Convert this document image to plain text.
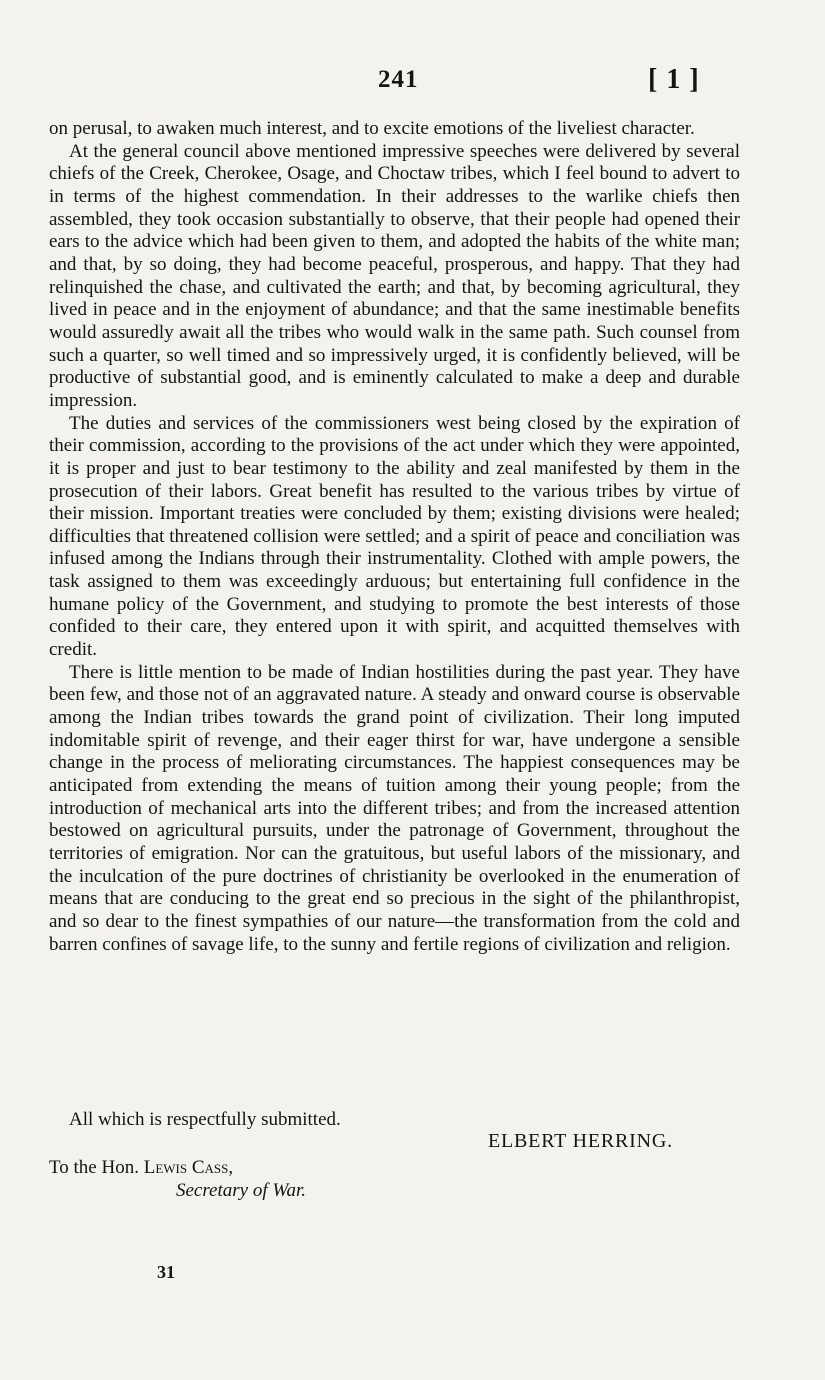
241	[ 1 ]

on perusal, to awaken much interest, and to excite emotions of the liveliest character.

At the general council above mentioned impressive speeches were delivered by several chiefs of the Creek, Cherokee, Osage, and Choctaw tribes, which I feel bound to advert to in terms of the highest commendation. In their addresses to the warlike chiefs then assembled, they took occasion substantially to observe, that their people had opened their ears to the advice which had been given to them, and adopted the habits of the white man; and that, by so doing, they had become peaceful, prosperous, and happy. That they had relinquished the chase, and cultivated the earth; and that, by becoming agricultural, they lived in peace and in the enjoyment of abundance; and that the same inestimable benefits would assuredly await all the tribes who would walk in the same path. Such counsel from such a quarter, so well timed and so impressively urged, it is confidently believed, will be productive of substantial good, and is eminently calculated to make a deep and durable impression.

The duties and services of the commissioners west being closed by the expiration of their commission, according to the provisions of the act under which they were appointed, it is proper and just to bear testimony to the ability and zeal manifested by them in the prosecution of their labors. Great benefit has resulted to the various tribes by virtue of their mission. Important treaties were concluded by them; existing divisions were healed; difficulties that threatened collision were settled; and a spirit of peace and conciliation was infused among the Indians through their instrumentality. Clothed with ample powers, the task assigned to them was exceedingly arduous; but entertaining full confidence in the humane policy of the Government, and studying to promote the best interests of those confided to their care, they entered upon it with spirit, and acquitted themselves with credit.

There is little mention to be made of Indian hostilities during the past year. They have been few, and those not of an aggravated nature. A steady and onward course is observable among the Indian tribes towards the grand point of civilization. Their long imputed indomitable spirit of revenge, and their eager thirst for war, have undergone a sensible change in the process of meliorating circumstances. The happiest consequences may be anticipated from extending the means of tuition among their young people; from the introduction of mechanical arts into the different tribes; and from the increased attention bestowed on agricultural pursuits, under the patronage of Government, throughout the territories of emigration. Nor can the gratuitous, but useful labors of the missionary, and the inculcation of the pure doctrines of christianity be overlooked in the enumeration of means that are conducing to the great end so precious in the sight of the philanthropist, and so dear to the finest sympathies of our nature—the transformation from the cold and barren confines of savage life, to the sunny and fertile regions of civilization and religion.

All which is respectfully submitted.
ELBERT HERRING.
To the Hon. Lewis Cass,
Secretary of War.
31
